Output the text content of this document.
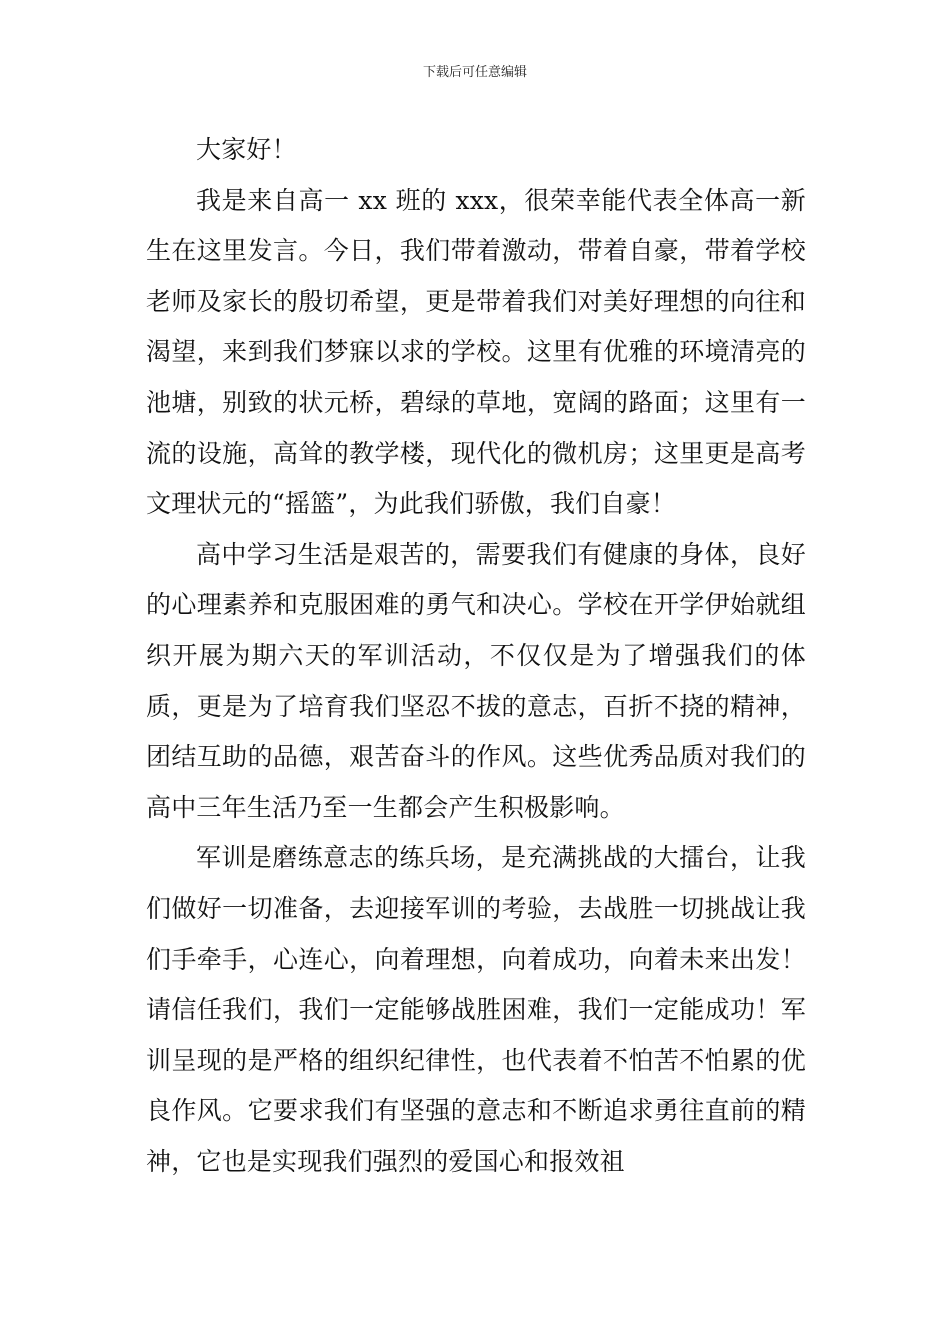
下载后可任意编辑

大家好！

我是来自高一 xx 班的 xxx，很荣幸能代表全体高一新生在这里发言。今日，我们带着激动，带着自豪，带着学校老师及家长的殷切希望，更是带着我们对美好理想的向往和渴望，来到我们梦寐以求的学校。这里有优雅的环境清亮的池塘，别致的状元桥，碧绿的草地，宽阔的路面；这里有一流的设施，高耸的教学楼，现代化的微机房；这里更是高考文理状元的“摇篮”，为此我们骄傲，我们自豪！

高中学习生活是艰苦的，需要我们有健康的身体，良好的心理素养和克服困难的勇气和决心。学校在开学伊始就组织开展为期六天的军训活动，不仅仅是为了增强我们的体质，更是为了培育我们坚忍不拔的意志，百折不挠的精神，团结互助的品德，艰苦奋斗的作风。这些优秀品质对我们的高中三年生活乃至一生都会产生积极影响。

军训是磨练意志的练兵场，是充满挑战的大擂台，让我们做好一切准备，去迎接军训的考验，去战胜一切挑战让我们手牵手，心连心，向着理想，向着成功，向着未来出发！请信任我们，我们一定能够战胜困难，我们一定能成功！军训呈现的是严格的组织纪律性，也代表着不怕苦不怕累的优良作风。它要求我们有坚强的意志和不断追求勇往直前的精神，它也是实现我们强烈的爱国心和报效祖
